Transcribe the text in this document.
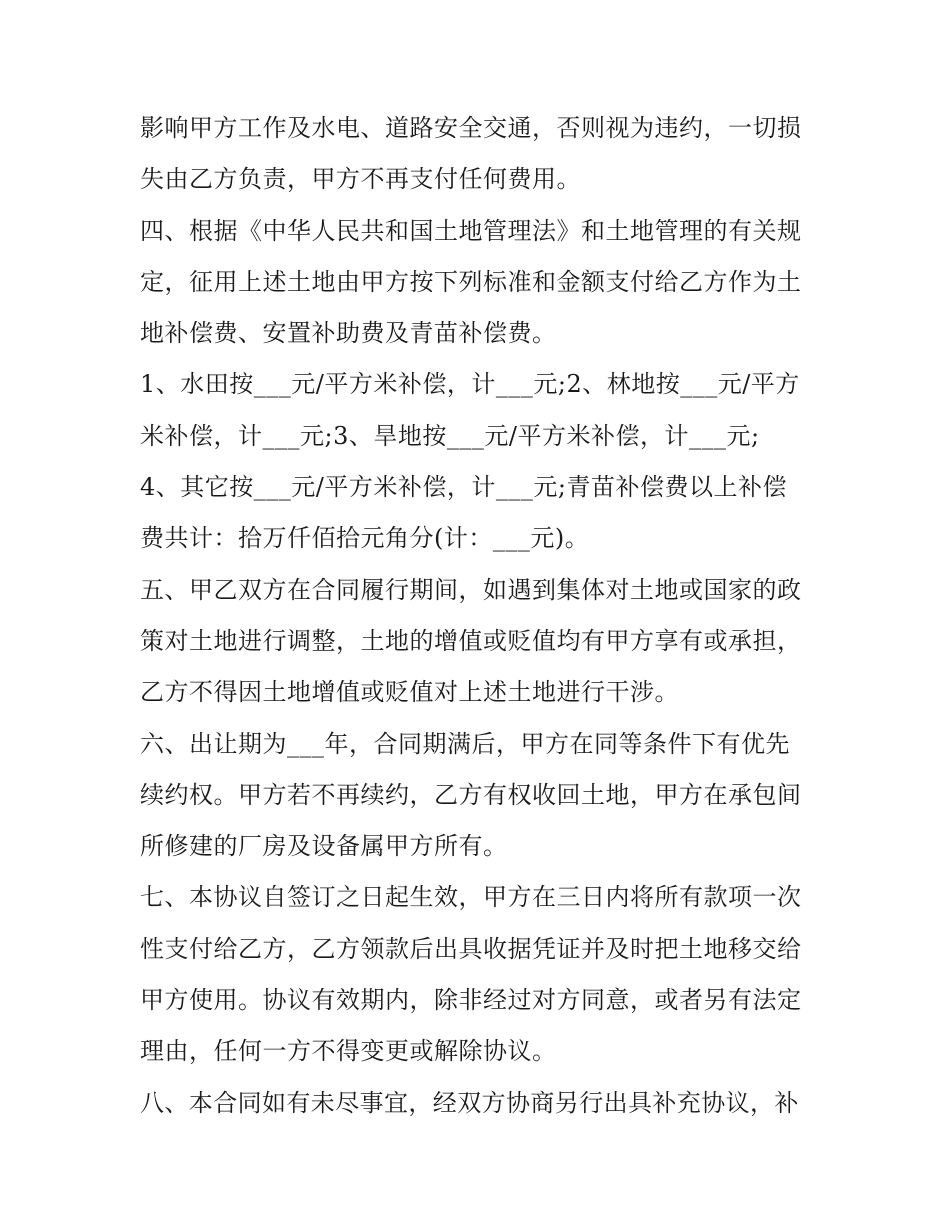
影响甲方工作及水电、道路安全交通，否则视为违约，一切损
失由乙方负责，甲方不再支付任何费用。
四、根据《中华人民共和国土地管理法》和土地管理的有关规
定，征用上述土地由甲方按下列标准和金额支付给乙方作为土
地补偿费、安置补助费及青苗补偿费。
1、水田按___元/平方米补偿，计___元;2、林地按___元/平方
米补偿，计___元;3、旱地按___元/平方米补偿，计___元;
4、其它按___元/平方米补偿，计___元;青苗补偿费以上补偿
费共计：拾万仟佰拾元角分(计：___元)。
五、甲乙双方在合同履行期间，如遇到集体对土地或国家的政
策对土地进行调整，土地的增值或贬值均有甲方享有或承担，
乙方不得因土地增值或贬值对上述土地进行干涉。
六、出让期为___年，合同期满后，甲方在同等条件下有优先
续约权。甲方若不再续约，乙方有权收回土地，甲方在承包间
所修建的厂房及设备属甲方所有。
七、本协议自签订之日起生效，甲方在三日内将所有款项一次
性支付给乙方，乙方领款后出具收据凭证并及时把土地移交给
甲方使用。协议有效期内，除非经过对方同意，或者另有法定
理由，任何一方不得变更或解除协议。
八、本合同如有未尽事宜，经双方协商另行出具补充协议，补
